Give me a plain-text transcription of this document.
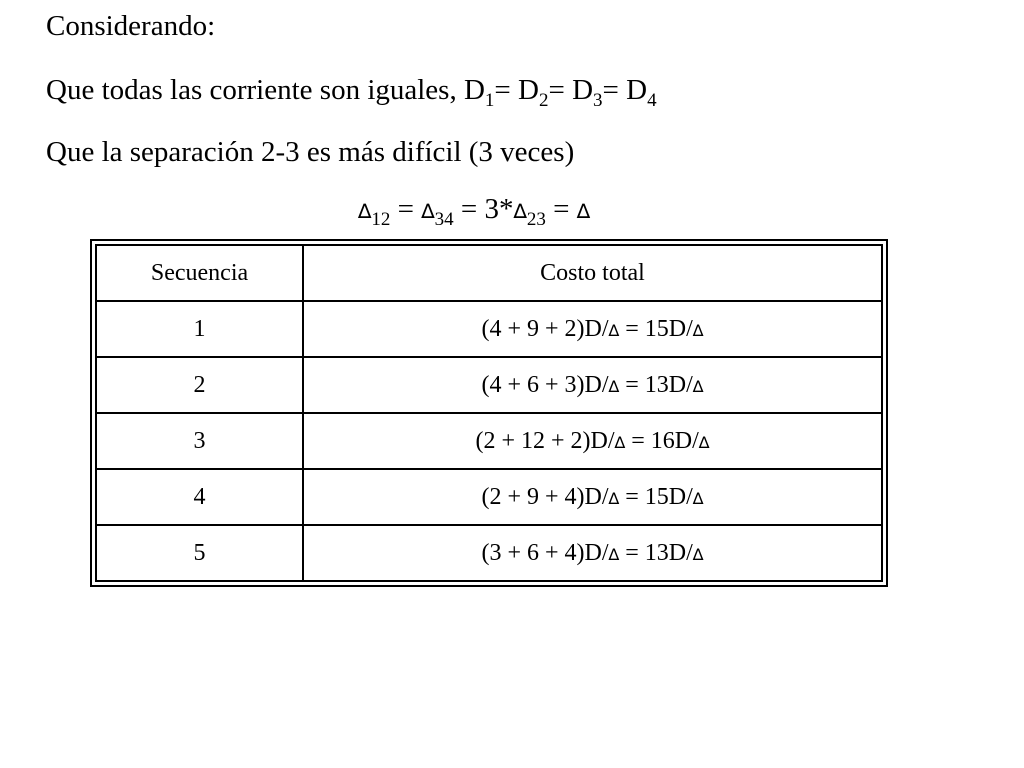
Considerando:
Que todas las corriente son iguales, $D_1= D_2= D_3= D_4$
Que la separación 2-3 es más difícil (3 veces)
$\Delta_{12} = \Delta_{34} = 3*\Delta_{23}$ = ∆
Secuencia	Costo total
1	(4 + 9 + 2)D/∆ = 15D/∆
2	(4 + 6 + 3)D/∆ = 13D/∆
3	(2 + 12 + 2)D/∆ = 16D/∆
4	(2 + 9 + 4)D/∆ = 15D/∆
5	(3 + 6 + 4)D/∆ = 13D/∆
